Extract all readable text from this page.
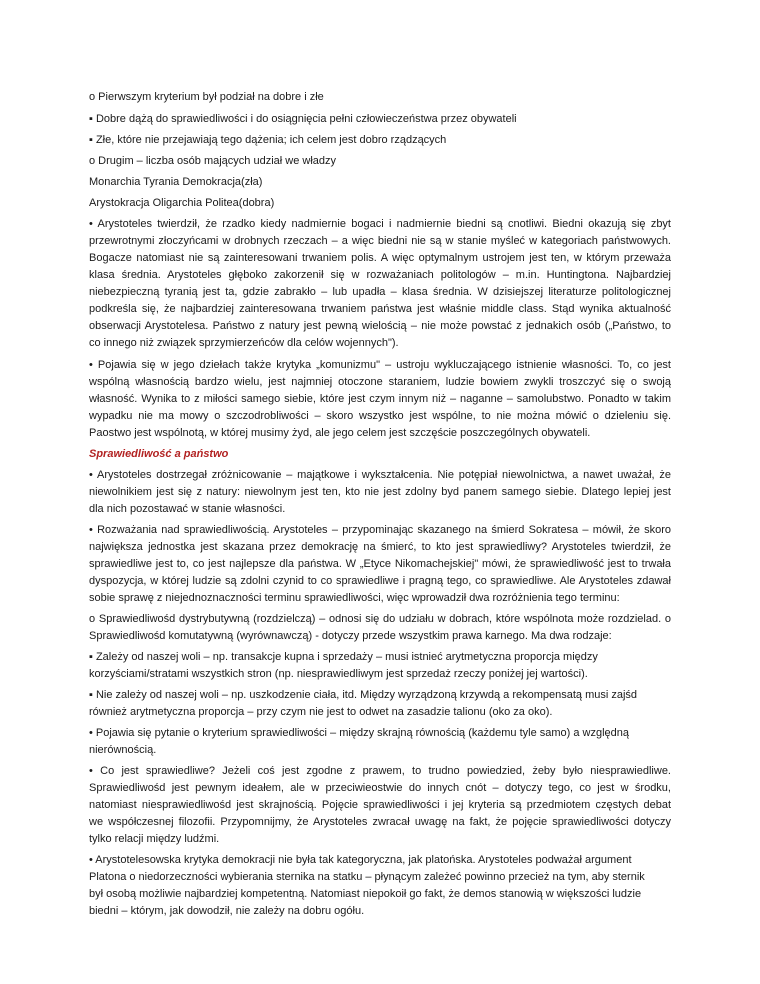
o Pierwszym kryterium był podział na dobre i złe
▪ Dobre dążą do sprawiedliwości i do osiągnięcia pełni człowieczeństwa przez obywateli
▪ Złe, które nie przejawiają tego dążenia; ich celem jest dobro rządzących
o Drugim – liczba osób mających udział we władzy
Monarchia Tyrania Demokracja(zła)
Arystokracja Oligarchia Politea(dobra)
• Arystoteles twierdził, że rzadko kiedy nadmiernie bogaci i nadmiernie biedni są cnotliwi. Biedni okazują się zbyt
przewrotnymi złoczyńcami w drobnych rzeczach – a więc biedni nie są w stanie myśleć w kategoriach państwowych.
Bogacze natomiast nie są zainteresowani trwaniem polis. A więc optymalnym ustrojem jest ten, w którym przeważa
klasa średnia. Arystoteles głęboko zakorzenił się w rozważaniach politologów – m.in. Huntingtona. Najbardziej
niebezpieczną tyranią jest ta, gdzie zabrakło – lub upadła – klasa średnia. W dzisiejszej literaturze politologicznej
podkreśla się, że najbardziej zainteresowana trwaniem państwa jest właśnie middle class. Stąd wynika aktualność
obserwacji Arystotelesa. Państwo z natury jest pewną wielością – nie może powstać z jednakich osób („Państwo, to
co innego niż związek sprzymierzeńców dla celów wojennych").
• Pojawia się w jego dziełach także krytyka „komunizmu" – ustroju wykluczającego istnienie własności. To, co jest
wspólną własnością bardzo wielu, jest najmniej otoczone staraniem, ludzie bowiem zwykli troszczyć się o swoją
własność. Wynika to z miłości samego siebie, które jest czym innym niż – naganne – samolubstwo. Ponadto w takim
wypadku nie ma mowy o szczodrobliwości – skoro wszystko jest wspólne, to nie można mówić o dzieleniu się.
Paostwo jest wspólnotą, w której musimy żyd, ale jego celem jest szczęście poszczególnych obywateli.
Sprawiedliwość a państwo
• Arystoteles dostrzegał zróżnicowanie – majątkowe i wykształcenia. Nie potępiał niewolnictwa, a nawet uważał, że
niewolnikiem jest się z natury: niewolnym jest ten, kto nie jest zdolny byd panem samego siebie. Dlatego lepiej jest
dla nich pozostawać w stanie własności.
• Rozważania nad sprawiedliwością. Arystoteles – przypominając skazanego na śmierd Sokratesa – mówił, że skoro
największa jednostka jest skazana przez demokrację na śmierć, to kto jest sprawiedliwy? Arystoteles twierdził, że
sprawiedliwe jest to, co jest najlepsze dla państwa. W „Etyce Nikomachejskiej" mówi, że sprawiedliwość jest to trwała
dyspozycja, w której ludzie są zdolni czynid to co sprawiedliwe i pragną tego, co sprawiedliwe. Ale Arystoteles zdawał
sobie sprawę z niejednoznaczności terminu sprawiedliwości, więc wprowadził dwa rozróżnienia tego terminu:
o Sprawiedliwośd dystrybutywną (rozdzielczą) – odnosi się do udziału w dobrach, które wspólnota może rozdzielad. o
Sprawiedliwośd komutatywną (wyrównawczą) - dotyczy przede wszystkim prawa karnego. Ma dwa rodzaje:
▪ Zależy od naszej woli – np. transakcje kupna i sprzedaży – musi istnieć arytmetyczna proporcja między
korzyściami/stratami wszystkich stron (np. niesprawiedliwym jest sprzedaż rzeczy poniżej jej wartości).
▪ Nie zależy od naszej woli – np. uszkodzenie ciała, itd. Między wyrządzoną krzywdą a rekompensatą musi zajśd
również arytmetyczna proporcja – przy czym nie jest to odwet na zasadzie talionu (oko za oko).
• Pojawia się pytanie o kryterium sprawiedliwości – między skrajną równością (każdemu tyle samo) a względną
nierównością.
• Co jest sprawiedliwe? Jeżeli coś jest zgodne z prawem, to trudno powiedzied, żeby było niesprawiedliwe.
Sprawiedliwośd jest pewnym ideałem, ale w przeciwieostwie do innych cnót – dotyczy tego, co jest w środku,
natomiast niesprawiedliwośd jest skrajnością. Pojęcie sprawiedliwości i jej kryteria są przedmiotem częstych debat
we współczesnej filozofii. Przypomnijmy, że Arystoteles zwracał uwagę na fakt, że pojęcie sprawiedliwości dotyczy
tylko relacji między ludźmi.
• Arystotelesowska krytyka demokracji nie była tak kategoryczna, jak platońska. Arystoteles podważał argument
Platona o niedorzeczności wybierania sternika na statku – płynącym zależeć powinno przecież na tym, aby sternik
był osobą możliwie najbardziej kompetentną. Natomiast niepokoił go fakt, że demos stanowią w większości ludzie
biedni – którym, jak dowodził, nie zależy na dobru ogółu.
